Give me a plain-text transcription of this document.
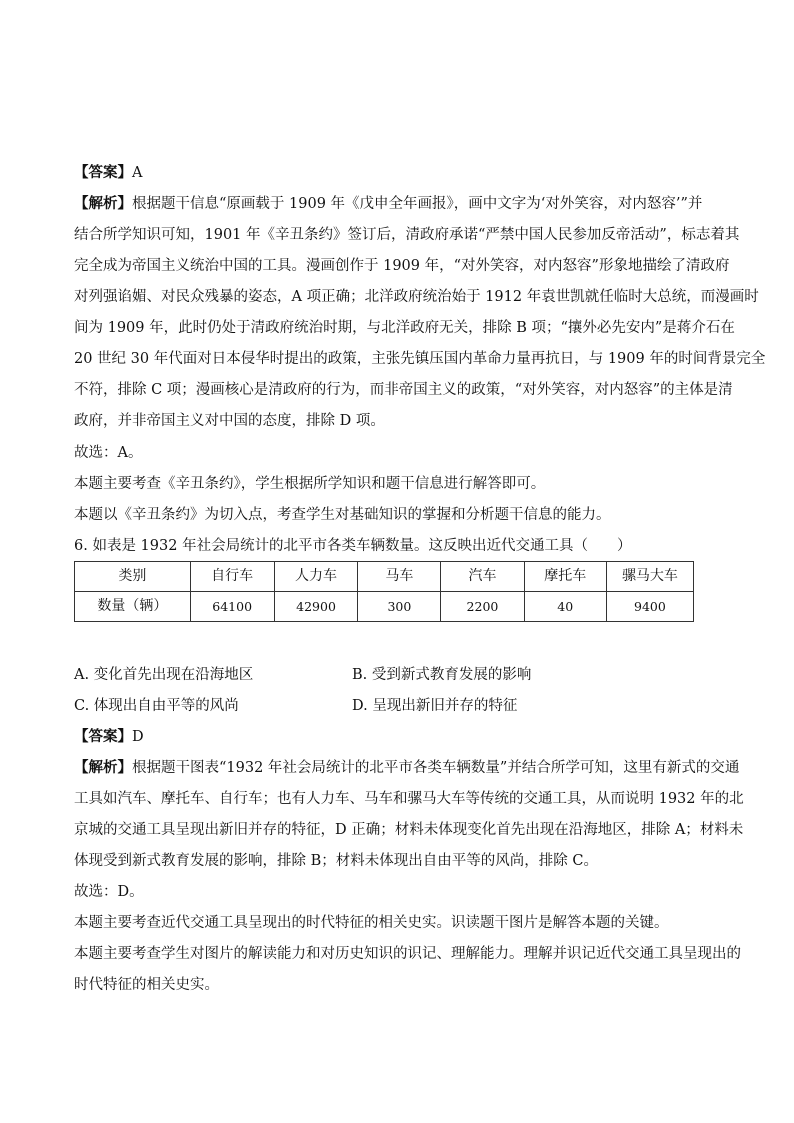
【答案】A
【解析】根据题干信息“原画载于 1909 年《戊申全年画报》，画中文字为‘对外笑容，对内怒容’”并
结合所学知识可知，1901 年《辛丑条约》签订后，清政府承诺“严禁中国人民参加反帝活动”，标志着其
完全成为帝国主义统治中国的工具。漫画创作于 1909 年，“对外笑容，对内怒容”形象地描绘了清政府
对列强谄媚、对民众残暴的姿态，A 项正确；北洋政府统治始于 1912 年袁世凯就任临时大总统，而漫画时
间为 1909 年，此时仍处于清政府统治时期，与北洋政府无关，排除 B 项；“攘外必先安内”是蒋介石在
20 世纪 30 年代面对日本侵华时提出的政策，主张先镇压国内革命力量再抗日，与 1909 年的时间背景完全
不符，排除 C 项；漫画核心是清政府的行为，而非帝国主义的政策，“对外笑容，对内怒容”的主体是清
政府，并非帝国主义对中国的态度，排除 D 项。
故选：A。
本题主要考查《辛丑条约》，学生根据所学知识和题干信息进行解答即可。
本题以《辛丑条约》为切入点，考查学生对基础知识的掌握和分析题干信息的能力。
6. 如表是 1932 年社会局统计的北平市各类车辆数量。这反映出近代交通工具（　　）
类别	自行车	人力车	马车	汽车	摩托车	骡马大车
数量（辆）	64100	42900	300	2200	40	9400
A. 变化首先出现在沿海地区	B. 受到新式教育发展的影响
C. 体现出自由平等的风尚	D. 呈现出新旧并存的特征
【答案】D
【解析】根据题干图表“1932 年社会局统计的北平市各类车辆数量”并结合所学可知，这里有新式的交通
工具如汽车、摩托车、自行车；也有人力车、马车和骡马大车等传统的交通工具，从而说明 1932 年的北
京城的交通工具呈现出新旧并存的特征，D 正确；材料未体现变化首先出现在沿海地区，排除 A；材料未
体现受到新式教育发展的影响，排除 B；材料未体现出自由平等的风尚，排除 C。
故选：D。
本题主要考查近代交通工具呈现出的时代特征的相关史实。识读题干图片是解答本题的关键。
本题主要考查学生对图片的解读能力和对历史知识的识记、理解能力。理解并识记近代交通工具呈现出的
时代特征的相关史实。
